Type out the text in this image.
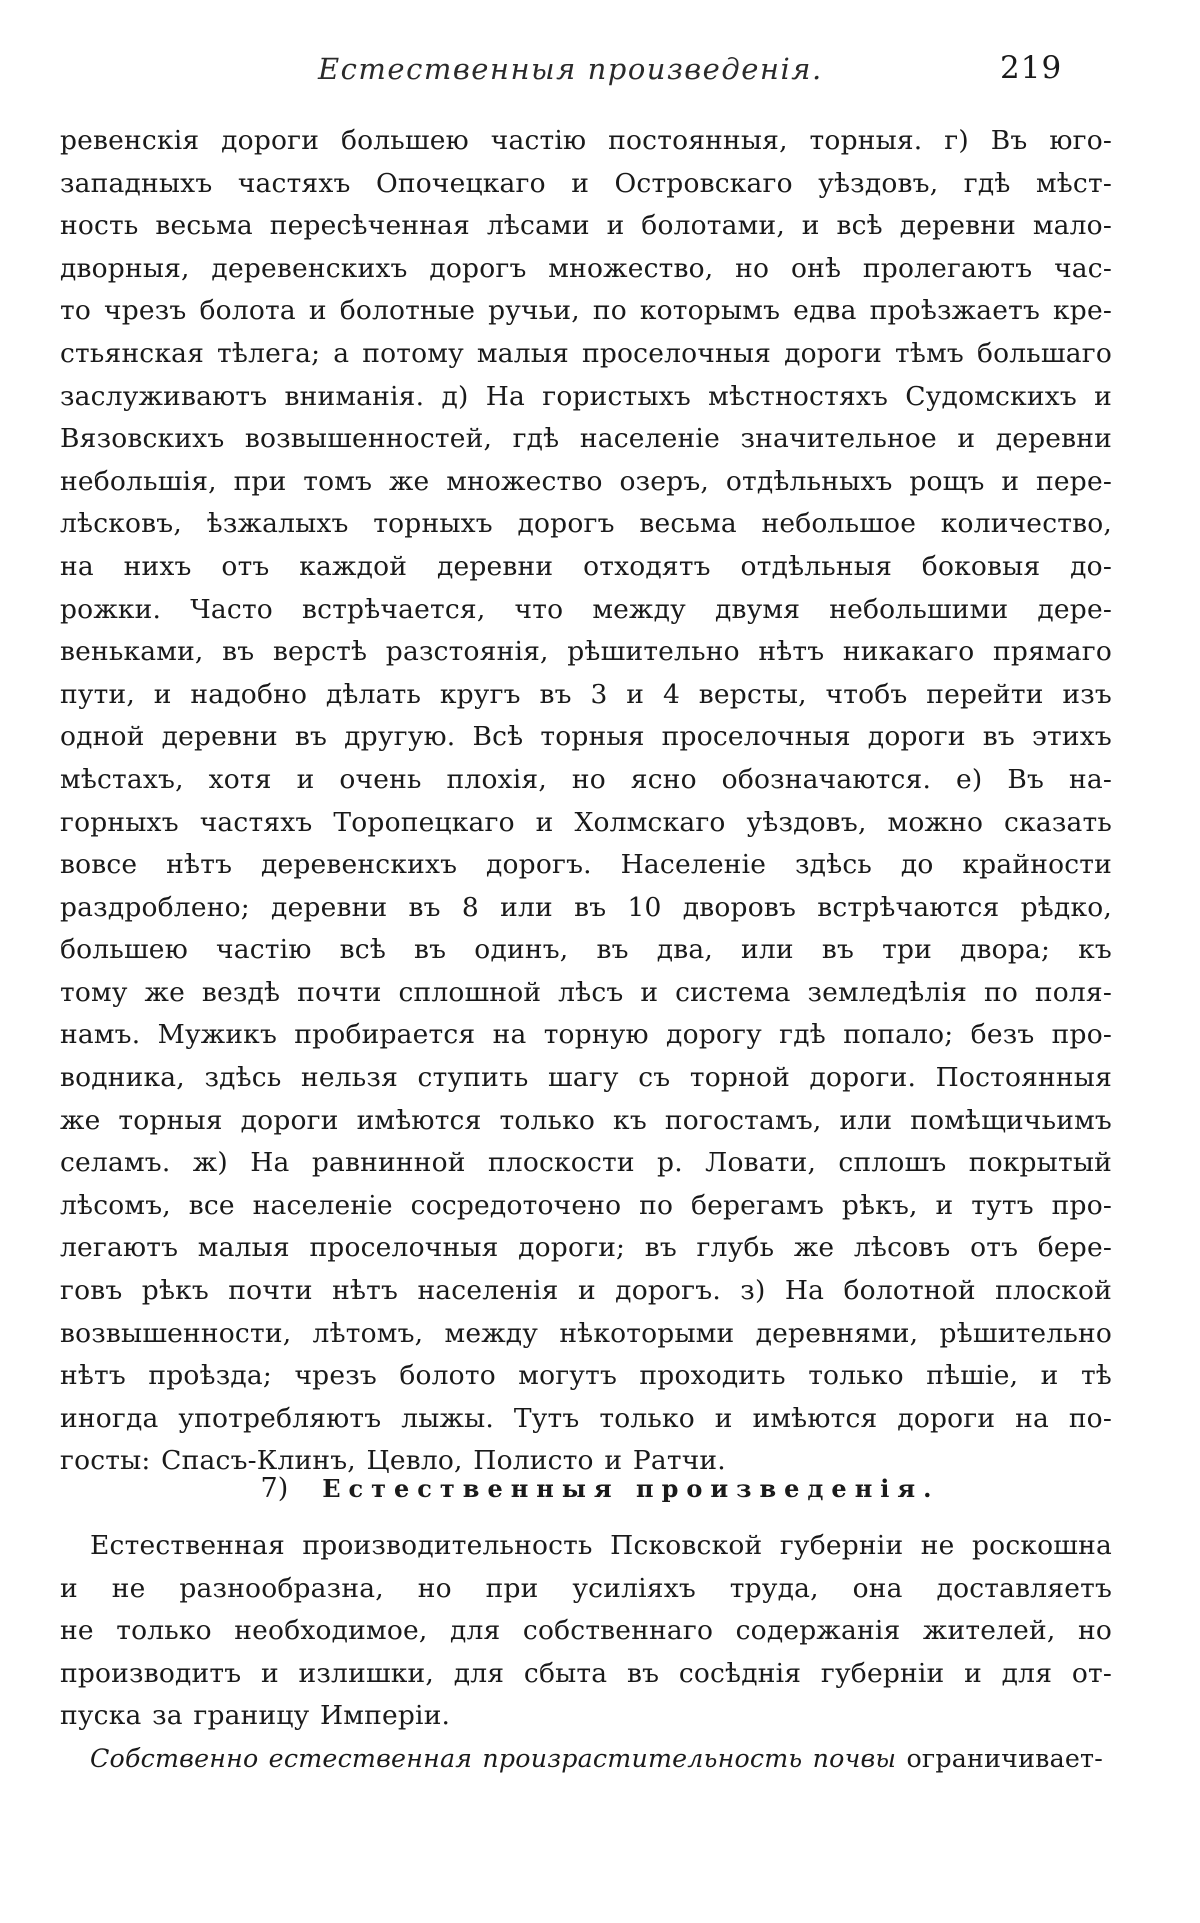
Естественныя произведенія.	219
ревенскія дороги большею частію постоянныя, торныя. г) Въ юго-
западныхъ частяхъ Опочецкаго и Островскаго уѣздовъ, гдѣ мѣст-
ность весьма пересѣченная лѣсами и болотами, и всѣ деревни мало-
дворныя, деревенскихъ дорогъ множество, но онѣ пролегаютъ час-
то чрезъ болота и болотные ручьи, по которымъ едва проѣзжаетъ кре-
стьянская тѣлега; а потому малыя проселочныя дороги тѣмъ большаго
заслуживаютъ вниманія. д) На гористыхъ мѣстностяхъ Судомскихъ и
Вязовскихъ возвышенностей, гдѣ населеніе значительное и деревни
небольшія, при томъ же множество озеръ, отдѣльныхъ рощъ и пере-
лѣсковъ, ѣзжалыхъ торныхъ дорогъ весьма небольшое количество,
на нихъ отъ каждой деревни отходятъ отдѣльныя боковыя до-
рожки. Часто встрѣчается, что между двумя небольшими дере-
веньками, въ верстѣ разстоянія, рѣшительно нѣтъ никакаго прямаго
пути, и надобно дѣлать кругъ въ 3 и 4 версты, чтобъ перейти изъ
одной деревни въ другую. Всѣ торныя проселочныя дороги въ этихъ
мѣстахъ, хотя и очень плохія, но ясно обозначаются. е) Въ на-
горныхъ частяхъ Торопецкаго и Холмскаго уѣздовъ, можно сказать
вовсе нѣтъ деревенскихъ дорогъ. Населеніе здѣсь до крайности
раздроблено; деревни въ 8 или въ 10 дворовъ встрѣчаются рѣдко,
большею частію всѣ въ одинъ, въ два, или въ три двора; къ
тому же вездѣ почти сплошной лѣсъ и система земледѣлія по поля-
намъ. Мужикъ пробирается на торную дорогу гдѣ попало; безъ про-
водника, здѣсь нельзя ступить шагу съ торной дороги. Постоянныя
же торныя дороги имѣются только къ погостамъ, или помѣщичьимъ
селамъ. ж) На равнинной плоскости р. Ловати, сплошъ покрытый
лѣсомъ, все населеніе сосредоточено по берегамъ рѣкъ, и тутъ про-
легаютъ малыя проселочныя дороги; въ глубь же лѣсовъ отъ бере-
говъ рѣкъ почти нѣтъ населенія и дорогъ. з) На болотной плоской
возвышенности, лѣтомъ, между нѣкоторыми деревнями, рѣшительно
нѣтъ проѣзда; чрезъ болото могутъ проходить только пѣшіе, и тѣ
иногда употребляютъ лыжы. Тутъ только и имѣются дороги на по-
госты: Спасъ-Клинъ, Цевло, Полисто и Ратчи.
7) Естественныя произведенія.
Естественная производительность Псковской губерніи не роскошна
и не разнообразна, но при усиліяхъ труда, она доставляетъ
не только необходимое, для собственнаго содержанія жителей, но
производитъ и излишки, для сбыта въ сосѣднія губерніи и для от-
пуска за границу Имперіи.
Собственно естественная произрастительность почвы ограничивает-
